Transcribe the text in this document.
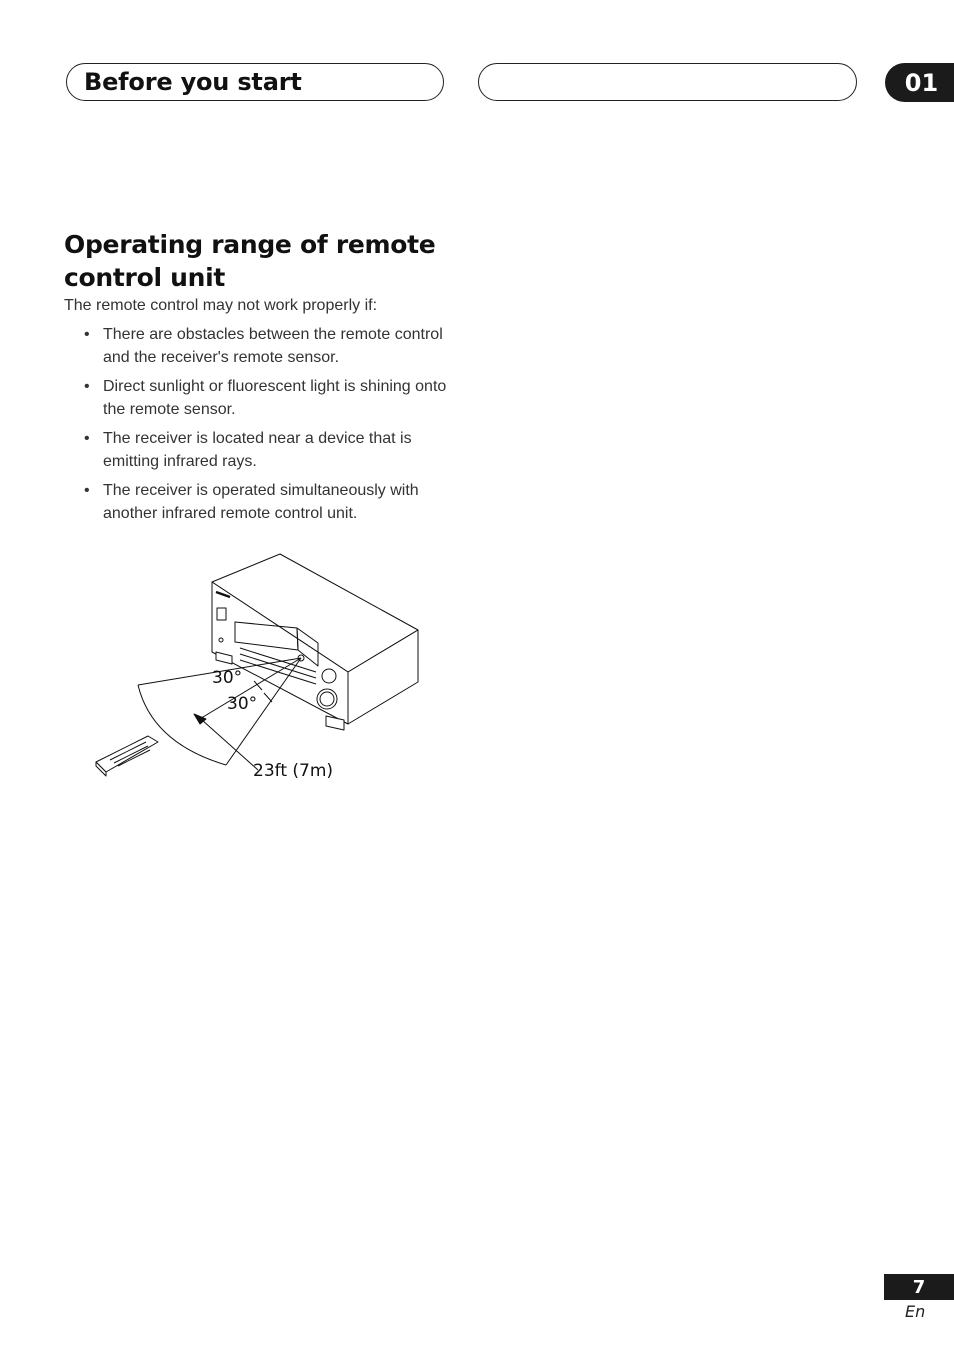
Before you start	01
Operating range of remote control unit
The remote control may not work properly if:
• There are obstacles between the remote control and the receiver's remote sensor.
• Direct sunlight or fluorescent light is shining onto the remote sensor.
• The receiver is located near a device that is emitting infrared rays.
• The receiver is operated simultaneously with another infrared remote control unit.
30°
30°
23ft (7m)
7
En
